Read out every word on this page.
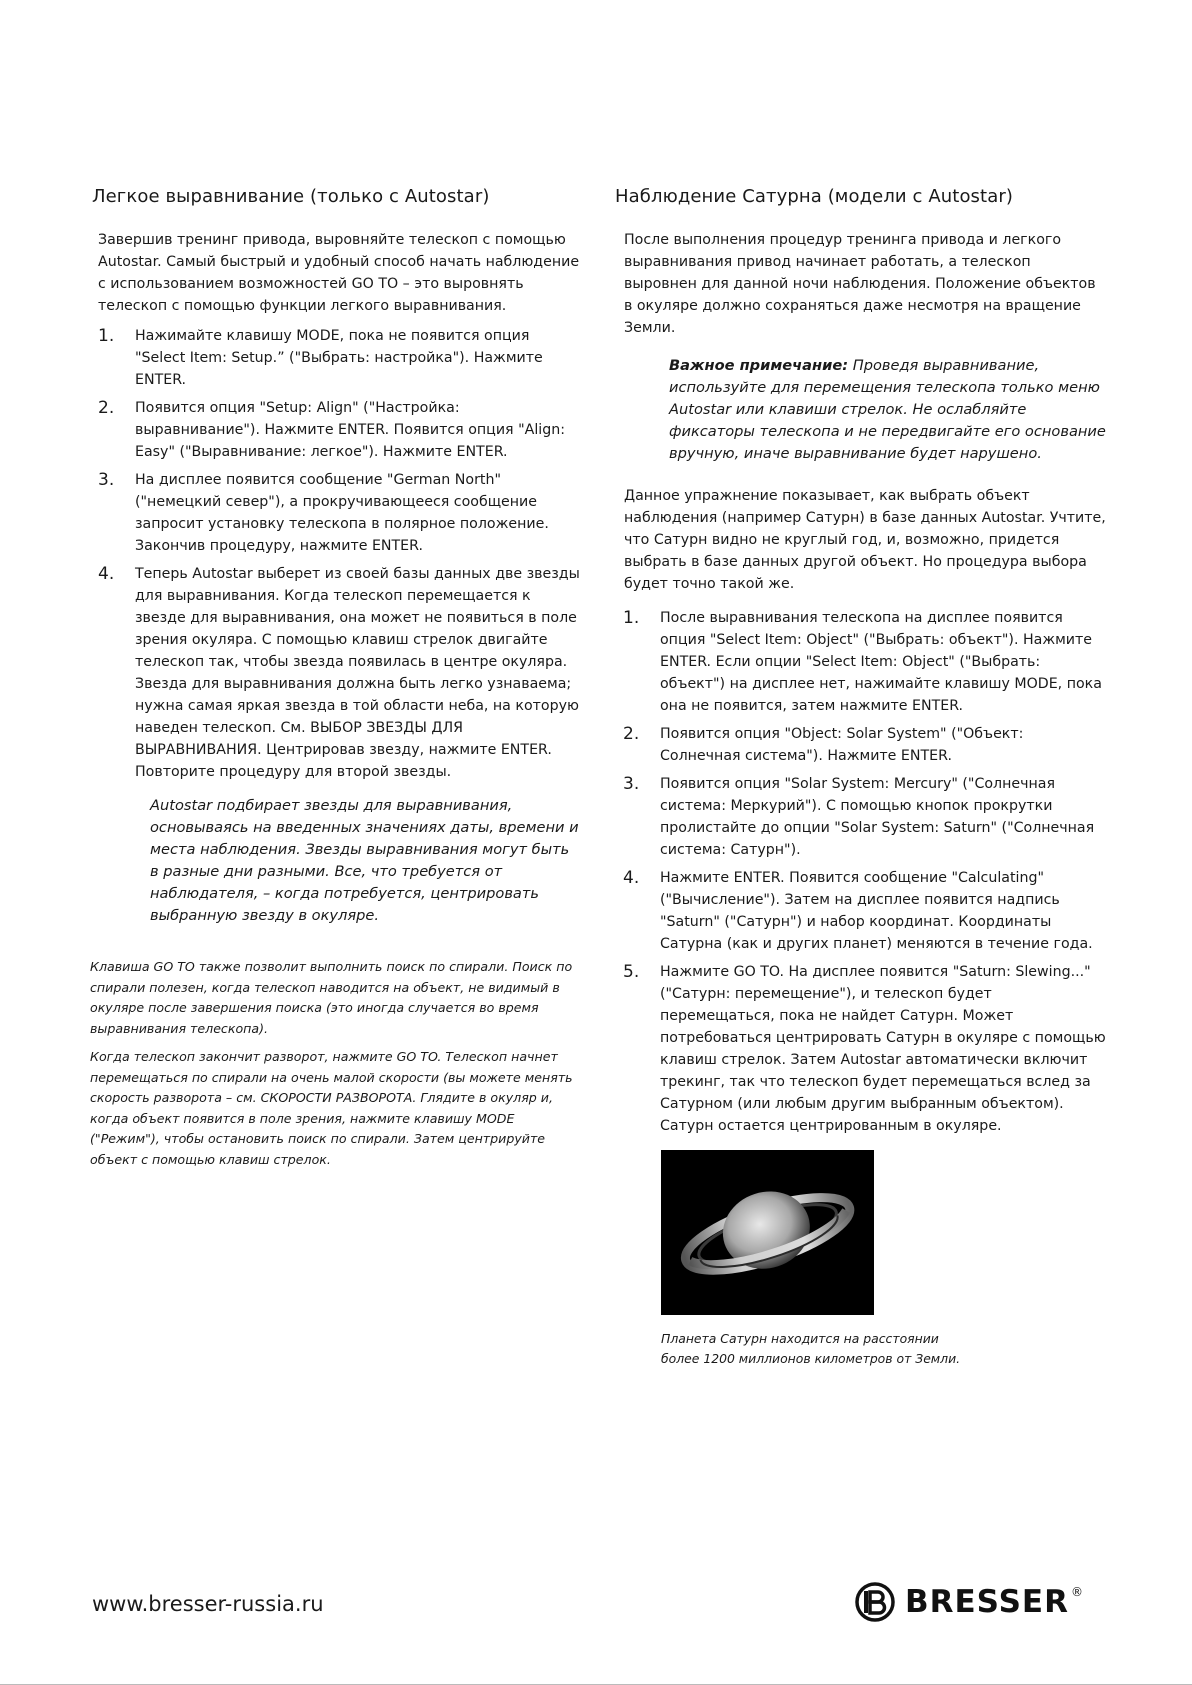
Легкое выравнивание (только с Autostar)

Завершив тренинг привода, выровняйте телескоп с помощью Autostar. Самый быстрый и удобный способ начать наблюдение с использованием возможностей GO TO – это выровнять телескоп с помощью функции легкого выравнивания.

1. Нажимайте клавишу MODE, пока не появится опция "Select Item: Setup.” ("Выбрать: настройка"). Нажмите ENTER.
2. Появится опция "Setup: Align" ("Настройка: выравнивание"). Нажмите ENTER. Появится опция "Align: Easy" ("Выравнивание: легкое"). Нажмите ENTER.
3. На дисплее появится сообщение "German North" ("немецкий север"), а прокручивающееся сообщение запросит установку телескопа в полярное положение. Закончив процедуру, нажмите ENTER.
4. Теперь Autostar выберет из своей базы данных две звезды для выравнивания. Когда телескоп перемещается к звезде для выравнивания, она может не появиться в поле зрения окуляра. С помощью клавиш стрелок двигайте телескоп так, чтобы звезда появилась в центре окуляра. Звезда для выравнивания должна быть легко узнаваема; нужна самая яркая звезда в той области неба, на которую наведен телескоп. См. ВЫБОР ЗВЕЗДЫ ДЛЯ ВЫРАВНИВАНИЯ. Центрировав звезду, нажмите ENTER. Повторите процедуру для второй звезды.

Autostar подбирает звезды для выравнивания, основываясь на введенных значениях даты, времени и места наблюдения. Звезды выравнивания могут быть в разные дни разными. Все, что требуется от наблюдателя, – когда потребуется, центрировать выбранную звезду в окуляре.

Клавиша GO TO также позволит выполнить поиск по спирали. Поиск по спирали полезен, когда телескоп наводится на объект, не видимый в окуляре после завершения поиска (это иногда случается во время выравнивания телескопа).

Когда телескоп закончит разворот, нажмите GO TO. Телескоп начнет перемещаться по спирали на очень малой скорости (вы можете менять скорость разворота – см. СКОРОСТИ РАЗВОРОТА. Глядите в окуляр и, когда объект появится в поле зрения, нажмите клавишу MODE ("Режим"), чтобы остановить поиск по спирали. Затем центрируйте объект с помощью клавиш стрелок.

Наблюдение Сатурна (модели с Autostar)

После выполнения процедур тренинга привода и легкого выравнивания привод начинает работать, а телескоп выровнен для данной ночи наблюдения. Положение объектов в окуляре должно сохраняться даже несмотря на вращение Земли.

Важное примечание: Проведя выравнивание, используйте для перемещения телескопа только меню Autostar или клавиши стрелок. Не ослабляйте фиксаторы телескопа и не передвигайте его основание вручную, иначе выравнивание будет нарушено.

Данное упражнение показывает, как выбрать объект наблюдения (например Сатурн) в базе данных Autostar. Учтите, что Сатурн видно не круглый год, и, возможно, придется выбрать в базе данных другой объект. Но процедура выбора будет точно такой же.

1. После выравнивания телескопа на дисплее появится опция "Select Item: Object" ("Выбрать: объект"). Нажмите ENTER. Если опции "Select Item: Object" ("Выбрать: объект") на дисплее нет, нажимайте клавишу MODE, пока она не появится, затем нажмите ENTER.
2. Появится опция "Object: Solar System" ("Объект: Солнечная система"). Нажмите ENTER.
3. Появится опция "Solar System: Mercury" ("Солнечная система: Меркурий"). С помощью кнопок прокрутки пролистайте до опции "Solar System: Saturn" ("Солнечная система: Сатурн").
4. Нажмите ENTER. Появится сообщение "Calculating" ("Вычисление"). Затем на дисплее появится надпись "Saturn" ("Сатурн") и набор координат. Координаты Сатурна (как и других планет) меняются в течение года.
5. Нажмите GO TO. На дисплее появится "Saturn: Slewing..." ("Сатурн: перемещение"), и телескоп будет перемещаться, пока не найдет Сатурн. Может потребоваться центрировать Сатурн в окуляре с помощью клавиш стрелок. Затем Autostar автоматически включит трекинг, так что телескоп будет перемещаться вслед за Сатурном (или любым другим выбранным объектом). Сатурн остается центрированным в окуляре.

Планета Сатурн находится на расстоянии более 1200 миллионов километров от Земли.

www.bresser-russia.ru	BRESSER ®
